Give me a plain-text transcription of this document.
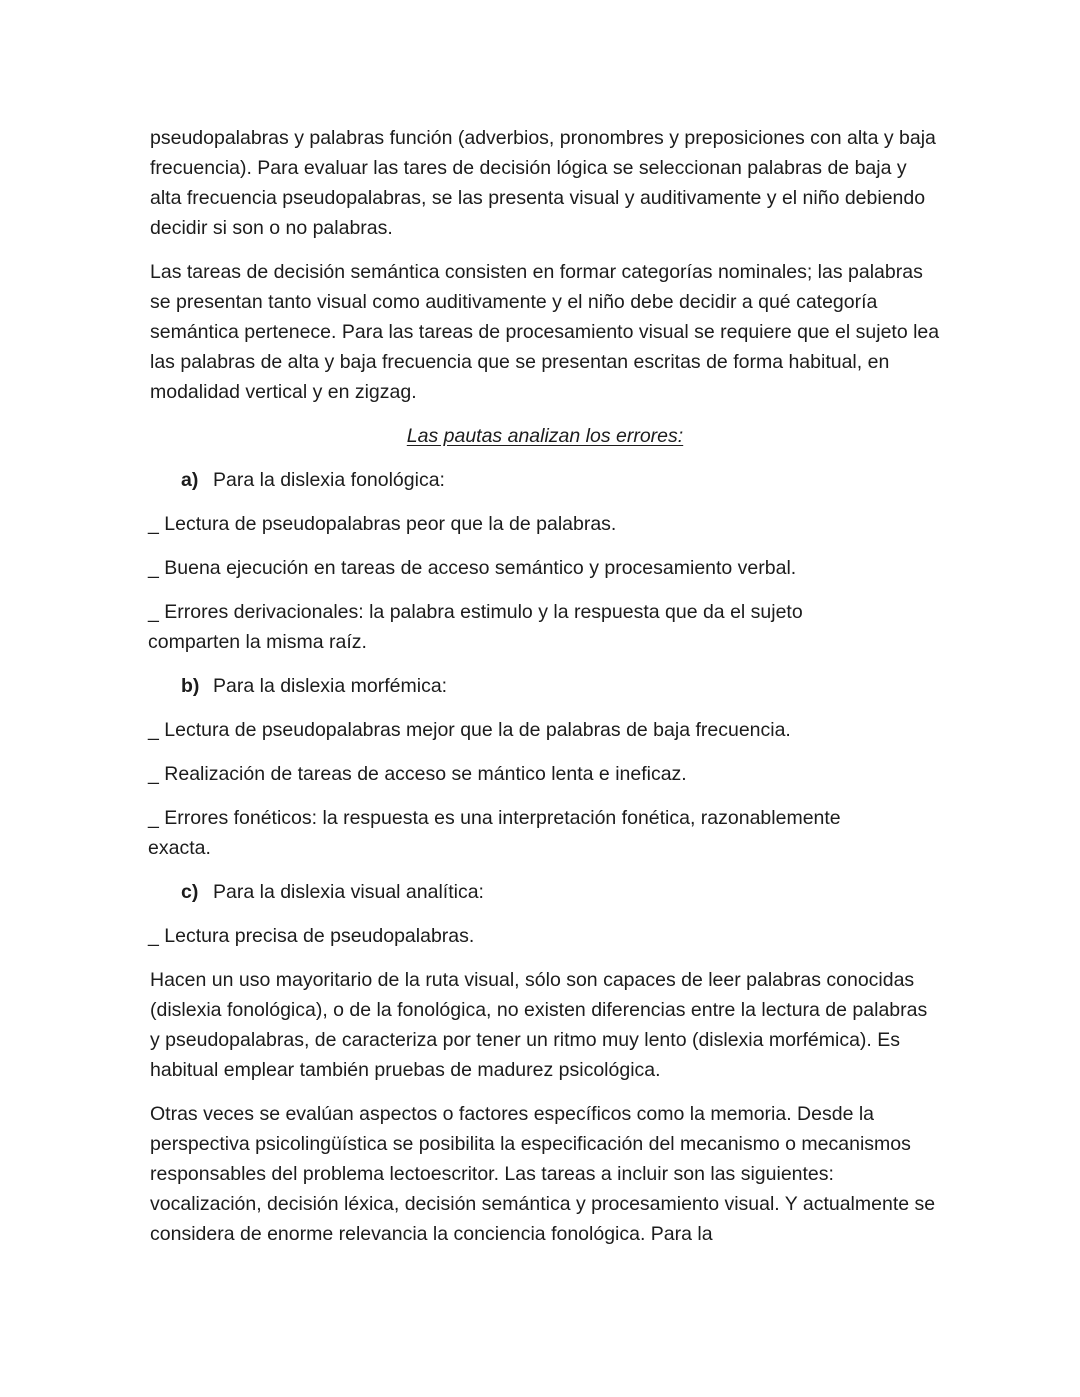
pseudopalabras y palabras función (adverbios, pronombres y preposiciones con alta y baja frecuencia). Para evaluar las tares de decisión lógica se seleccionan palabras de baja y alta frecuencia pseudopalabras, se las presenta visual y auditivamente y el niño debiendo decidir si son o no palabras.

Las tareas de decisión semántica consisten en formar categorías nominales; las palabras se presentan tanto visual como auditivamente y el niño debe decidir a qué categoría semántica pertenece. Para las tareas de procesamiento visual se requiere que el sujeto lea las palabras de alta y baja frecuencia que se presentan escritas de forma habitual, en modalidad vertical y en zigzag.

Las pautas analizan los errores:

a) Para la dislexia fonológica:

_ Lectura de pseudopalabras peor que la de palabras.

_ Buena ejecución en tareas de acceso semántico y procesamiento verbal.

_ Errores derivacionales: la palabra estimulo y la respuesta que da el sujeto comparten la misma raíz.

b) Para la dislexia morfémica:

_ Lectura de pseudopalabras mejor que la de palabras de baja frecuencia.

_ Realización de tareas de acceso se mántico lenta e ineficaz.

_ Errores fonéticos: la respuesta es una interpretación fonética, razonablemente exacta.

c) Para la dislexia visual analítica:

_ Lectura precisa de pseudopalabras.

Hacen un uso mayoritario de la ruta visual, sólo son capaces de leer palabras conocidas (dislexia fonológica), o de la fonológica, no existen diferencias entre la lectura de palabras y pseudopalabras, de caracteriza por tener un ritmo muy lento (dislexia morfémica). Es habitual emplear también pruebas de madurez psicológica.

Otras veces se evalúan aspectos o factores específicos como la memoria. Desde la perspectiva psicolingüística se posibilita la especificación del mecanismo o mecanismos responsables del problema lectoescritor. Las tareas a incluir son las siguientes: vocalización, decisión léxica, decisión semántica y procesamiento visual. Y actualmente se considera de enorme relevancia la conciencia fonológica. Para la
